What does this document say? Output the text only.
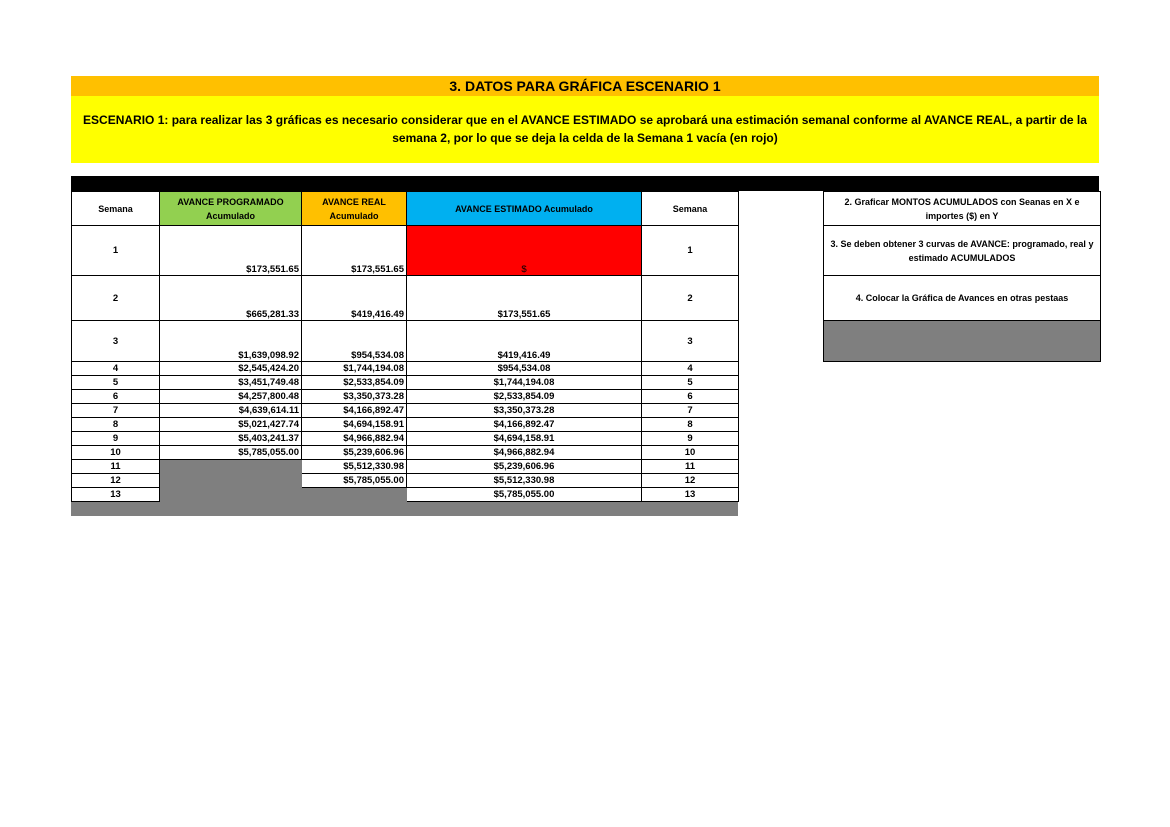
3. DATOS PARA GRÁFICA ESCENARIO 1
ESCENARIO 1: para realizar las 3 gráficas es necesario considerar que en el AVANCE ESTIMADO se aprobará una estimación semanal conforme al AVANCE REAL, a partir de la semana 2, por lo que se deja la celda de la Semana 1 vacía (en rojo)
Semana	AVANCE PROGRAMADO Acumulado	AVANCE REAL Acumulado	AVANCE ESTIMADO Acumulado	Semana
1	$173,551.65	$173,551.65	$	1
2	$665,281.33	$419,416.49	$173,551.65	2
3	$1,639,098.92	$954,534.08	$419,416.49	3
4	$2,545,424.20	$1,744,194.08	$954,534.08	4
5	$3,451,749.48	$2,533,854.09	$1,744,194.08	5
6	$4,257,800.48	$3,350,373.28	$2,533,854.09	6
7	$4,639,614.11	$4,166,892.47	$3,350,373.28	7
8	$5,021,427.74	$4,694,158.91	$4,166,892.47	8
9	$5,403,241.37	$4,966,882.94	$4,694,158.91	9
10	$5,785,055.00	$5,239,606.96	$4,966,882.94	10
11		$5,512,330.98	$5,239,606.96	11
12		$5,785,055.00	$5,512,330.98	12
13			$5,785,055.00	13
2. Graficar MONTOS ACUMULADOS con Seanas en X e importes ($) en Y
3. Se deben obtener 3 curvas de AVANCE: programado, real y estimado ACUMULADOS
4. Colocar la Gráfica de Avances en otras pestaas
